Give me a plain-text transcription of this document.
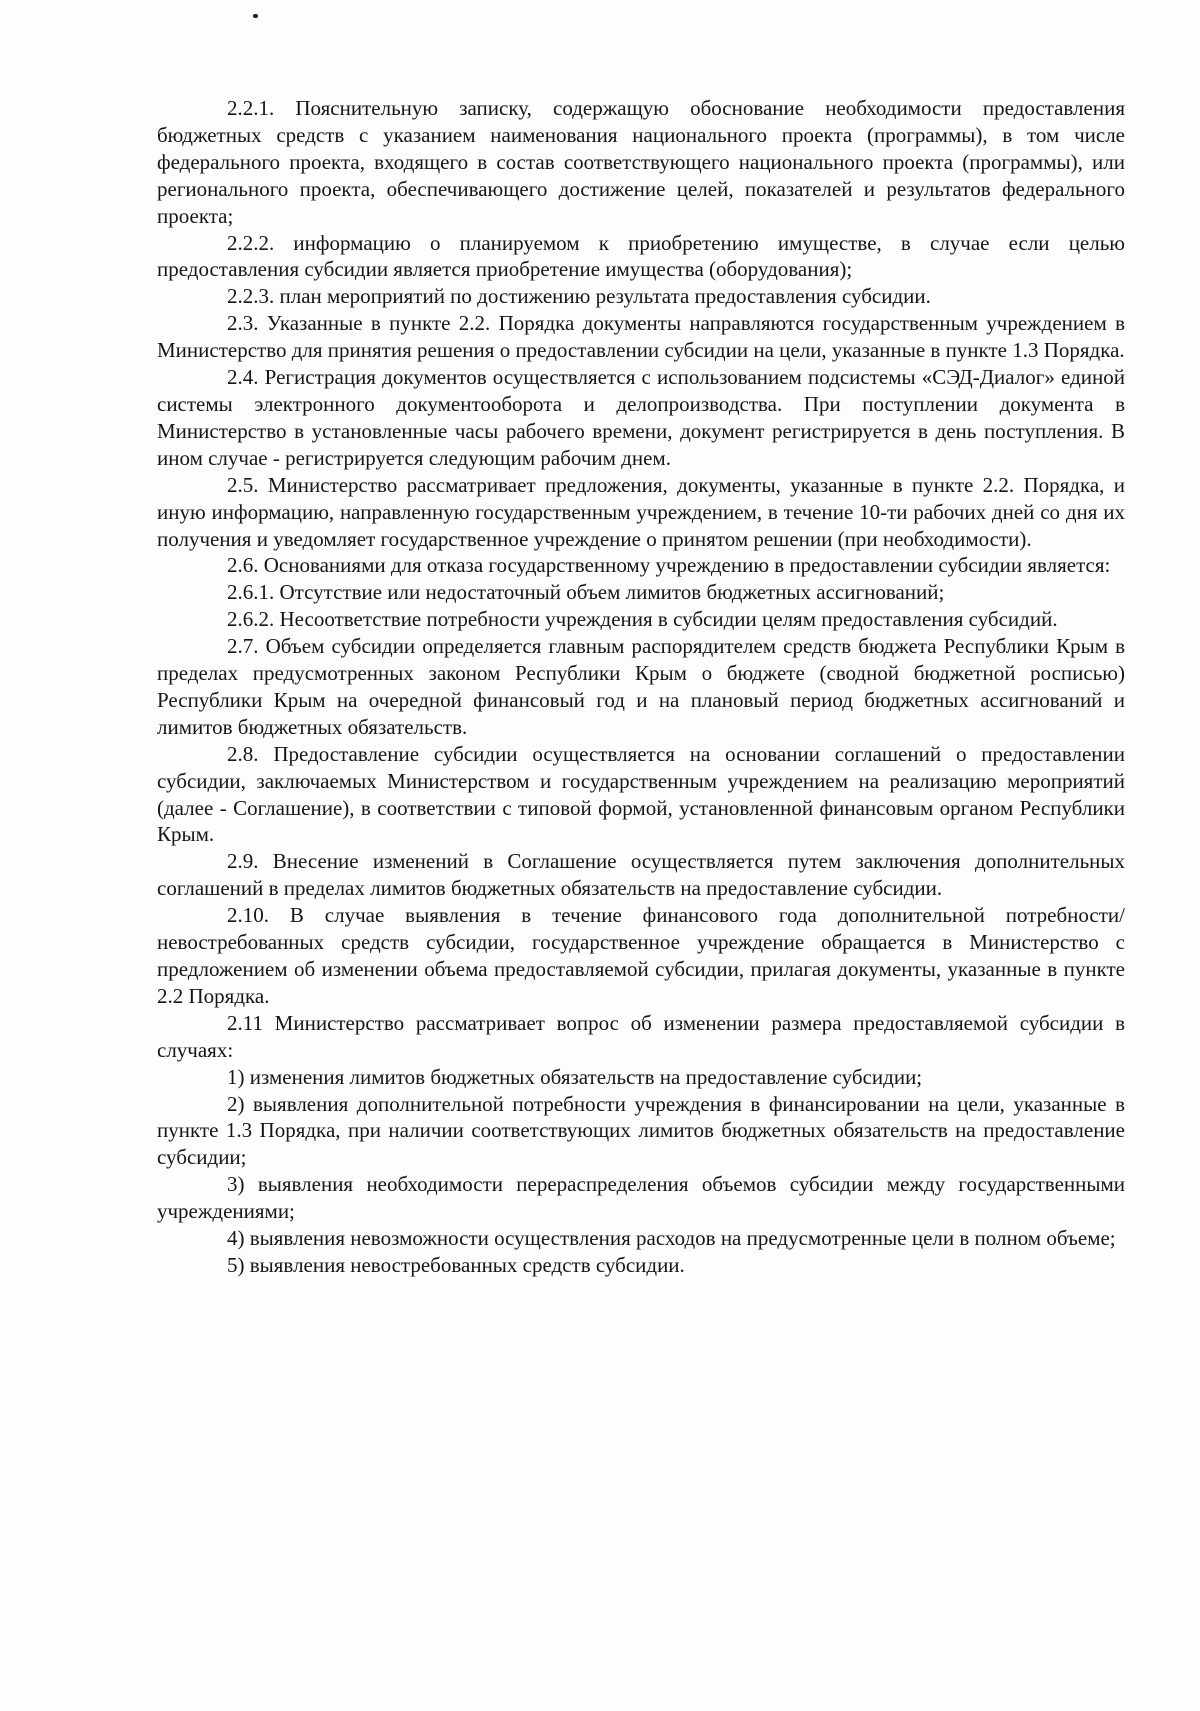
2.2.1. Пояснительную записку, содержащую обоснование необходимости предоставления бюджетных средств с указанием наименования национального проекта (программы), в том числе федерального проекта, входящего в состав соответствующего национального проекта (программы), или регионального проекта, обеспечивающего достижение целей, показателей и результатов федерального проекта;

2.2.2. информацию о планируемом к приобретению имуществе, в случае если целью предоставления субсидии является приобретение имущества (оборудования);

2.2.3. план мероприятий по достижению результата предоставления субсидии.

2.3. Указанные в пункте 2.2. Порядка документы направляются государственным учреждением в Министерство для принятия решения о предоставлении субсидии на цели, указанные в пункте 1.3 Порядка.

2.4. Регистрация документов осуществляется с использованием подсистемы «СЭД-Диалог» единой системы электронного документооборота и делопроизводства. При поступлении документа в Министерство в установленные часы рабочего времени, документ регистрируется в день поступления. В ином случае - регистрируется следующим рабочим днем.

2.5. Министерство рассматривает предложения, документы, указанные в пункте 2.2. Порядка, и иную информацию, направленную государственным учреждением, в течение 10-ти рабочих дней со дня их получения и уведомляет государственное учреждение о принятом решении (при необходимости).

2.6. Основаниями для отказа государственному учреждению в предоставлении субсидии является:

2.6.1. Отсутствие или недостаточный объем лимитов бюджетных ассигнований;

2.6.2. Несоответствие потребности учреждения в субсидии целям предоставления субсидий.

2.7. Объем субсидии определяется главным распорядителем средств бюджета Республики Крым в пределах предусмотренных законом Республики Крым о бюджете (сводной бюджетной росписью) Республики Крым на очередной финансовый год и на плановый период бюджетных ассигнований и лимитов бюджетных обязательств.

2.8. Предоставление субсидии осуществляется на основании соглашений о предоставлении субсидии, заключаемых Министерством и государственным учреждением на реализацию мероприятий (далее - Соглашение), в соответствии с типовой формой, установленной финансовым органом Республики Крым.

2.9. Внесение изменений в Соглашение осуществляется путем заключения дополнительных соглашений в пределах лимитов бюджетных обязательств на предоставление субсидии.

2.10. В случае выявления в течение финансового года дополнительной потребности/невостребованных средств субсидии, государственное учреждение обращается в Министерство с предложением об изменении объема предоставляемой субсидии, прилагая документы, указанные в пункте 2.2 Порядка.

2.11 Министерство рассматривает вопрос об изменении размера предоставляемой субсидии в случаях:

1) изменения лимитов бюджетных обязательств на предоставление субсидии;

2) выявления дополнительной потребности учреждения в финансировании на цели, указанные в пункте 1.3 Порядка, при наличии соответствующих лимитов бюджетных обязательств на предоставление субсидии;

3) выявления необходимости перераспределения объемов субсидии между государственными учреждениями;

4) выявления невозможности осуществления расходов на предусмотренные цели в полном объеме;

5) выявления невостребованных средств субсидии.
